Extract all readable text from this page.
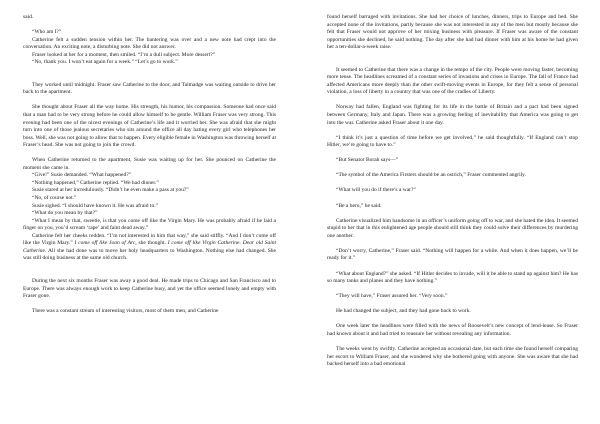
said.

“Who am I?”

Catherine felt a sudden tension within her. The bantering was over and a new note had crept into the conversation. An exciting note, a disturbing note. She did not answer.

Fraser looked at her for a moment, then smiled. “I’m a dull subject. More dessert?”

“No, thank you. I won’t eat again for a week.” “Let’s go to work.”

They worked until midnight. Fraser saw Catherine to the door, and Talmadge was waiting outside to drive her back to the apartment.

She thought about Fraser all the way home. His strength, his humor, his compassion. Someone had once said that a man had to be very strong before he could allow himself to be gentle. William Fraser was very strong. This evening had been one of the nicest evenings of Catherine’s life and it worried her. She was afraid that she might turn into one of those jealous secretaries who sits around the office all day hating every girl who telephones her boss. Well, she was not going to allow that to happen. Every eligible female in Washington was throwing herself at Fraser’s head. She was not going to join the crowd.

When Catherine returned to the apartment, Susie was waiting up for her. She pounced on Catherine the moment she came in.

“Give!” Susie demanded. “What happened?”

“Nothing happened,” Catherine replied. “We had dinner.”

Susie stared at her incredulously. “Didn’t he even make a pass at you?”

“No, of course not.”

Susie sighed. “I should have known it. He was afraid to.”

“What do you mean by that?”

“What I mean by that, sweetie, is that you come off like the Virgin Mary. He was probably afraid if he laid a finger on you, you’d scream ‘rape’ and faint dead away.”

Catherine felt her cheeks redden. “I’m not interested in him that way,” she said stiffly. “And I don’t come off like the Virgin Mary.” I come off like Joan of Arc, she thought. I come off like Virgin Catherine. Dear old Saint Catherine. All she had done was to move her holy headquarters to Washington. Nothing else had changed. She was still doing business at the same old church.

During the next six months Fraser was away a good deal. He made trips to Chicago and San Francisco and to Europe. There was always enough work to keep Catherine busy, and yet the office seemed lonely and empty with Fraser gone.

There was a constant stream of interesting visitors, most of them men, and Catherine

found herself barraged with invitations. She had her choice of lunches, dinners, trips to Europe and bed. She accepted none of the invitations, partly because she was not interested in any of the men but mostly because she felt that Fraser would not approve of her mixing business with pleasure. If Fraser was aware of the constant opportunities she declined, he said nothing. The day after she had had dinner with him at his home he had given her a ten-dollar-a-week raise.

It seemed to Catherine that there was a change in the tempo of the city. People were moving faster, becoming more tense. The headlines screamed of a constant series of invasions and crises in Europe. The fall of France had affected Americans more deeply than the other swift-moving events in Europe, for they felt a sense of personal violation, a loss of liberty in a country that was one of the cradles of Liberty.

Norway had fallen, England was fighting for its life in the battle of Britain and a pact had been signed between Germany, Italy and Japan. There was a growing feeling of inevitability that America was going to get into the war. Catherine asked Fraser about it one day.

“I think it’s just a question of time before we get involved,” he said thoughtfully. “If England can’t stop Hitler, we’re going to have to.”

“But Senator Borah says—”

“The symbol of the America Firsters should be an ostrich,” Fraser commented angrily.

“What will you do if there’s a war?”

“Be a hero,” he said.

Catherine visualized him handsome in an officer’s uniform going off to war, and she hated the idea. It seemed stupid to her that in this enlightened age people should still think they could solve their differences by murdering one another.

“Don’t worry, Catherine,” Fraser said. “Nothing will happen for a while. And when it does happen, we’ll be ready for it.”

“What about England?” she asked. “If Hitler decides to invade, will it be able to stand up against him? He has so many tanks and planes and they have nothing.”

“They will have,” Fraser assured her. “Very soon.”

He had changed the subject, and they had gone back to work.

One week later the headlines were filled with the news of Roosevelt’s new concept of lend-lease. So Fraser had known about it and had tried to reassure her without revealing any information.

The weeks went by swiftly. Catherine accepted an occasional date, but each time she found herself comparing her escort to William Fraser, and she wondered why she bothered going with anyone. She was aware that she had backed herself into a bad emotional
